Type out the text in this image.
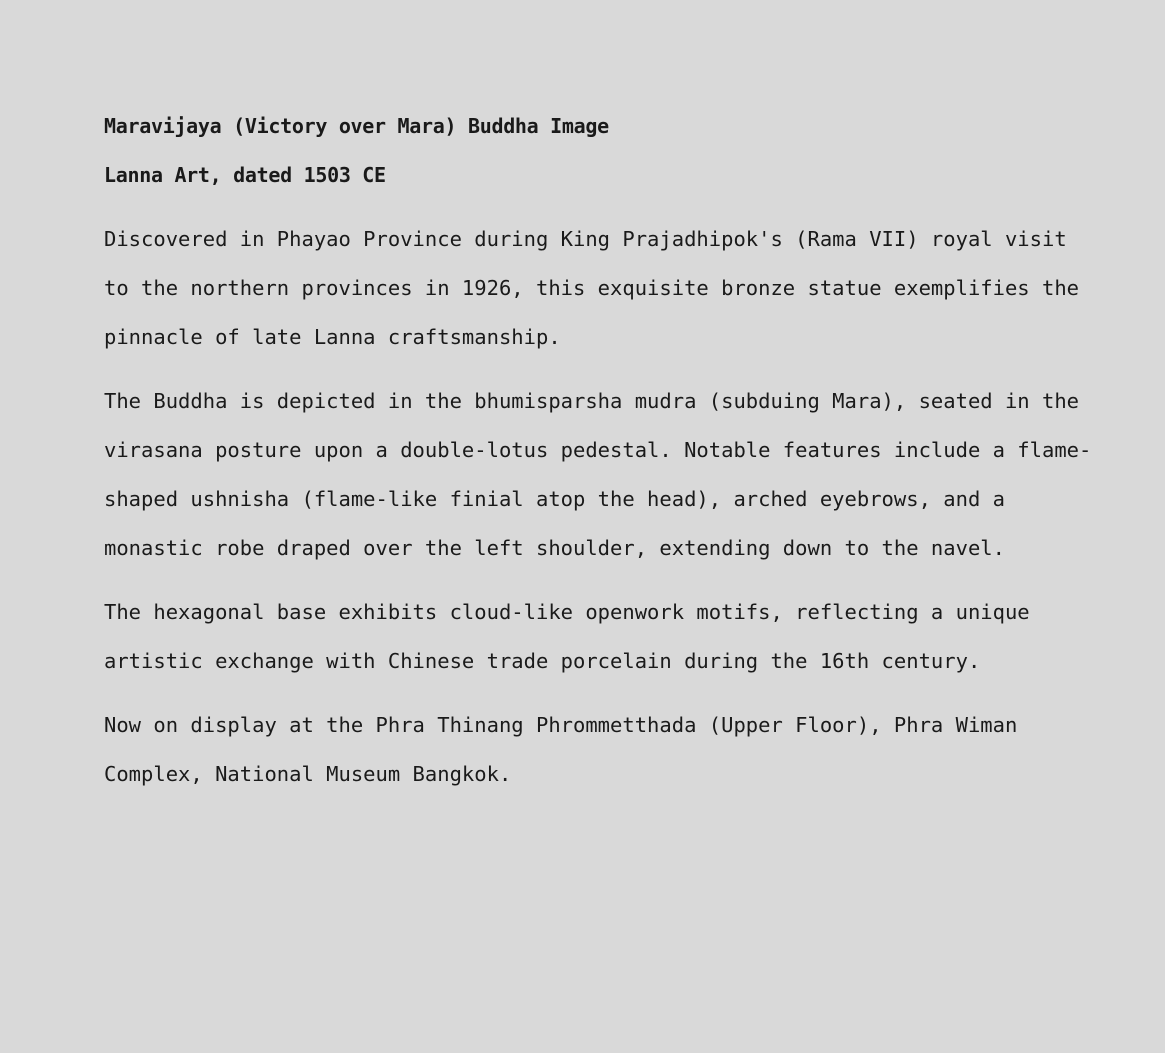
Maravijaya (Victory over Mara) Buddha Image

Lanna Art, dated 1503 CE

Discovered in Phayao Province during King Prajadhipok's (Rama VII) royal visit to the northern provinces in 1926, this exquisite bronze statue exemplifies the pinnacle of late Lanna craftsmanship.

The Buddha is depicted in the bhumisparsha mudra (subduing Mara), seated in the virasana posture upon a double-lotus pedestal. Notable features include a flame-shaped ushnisha (flame-like finial atop the head), arched eyebrows, and a monastic robe draped over the left shoulder, extending down to the navel.

The hexagonal base exhibits cloud-like openwork motifs, reflecting a unique artistic exchange with Chinese trade porcelain during the 16th century.

Now on display at the Phra Thinang Phrommetthada (Upper Floor), Phra Wiman Complex, National Museum Bangkok.
